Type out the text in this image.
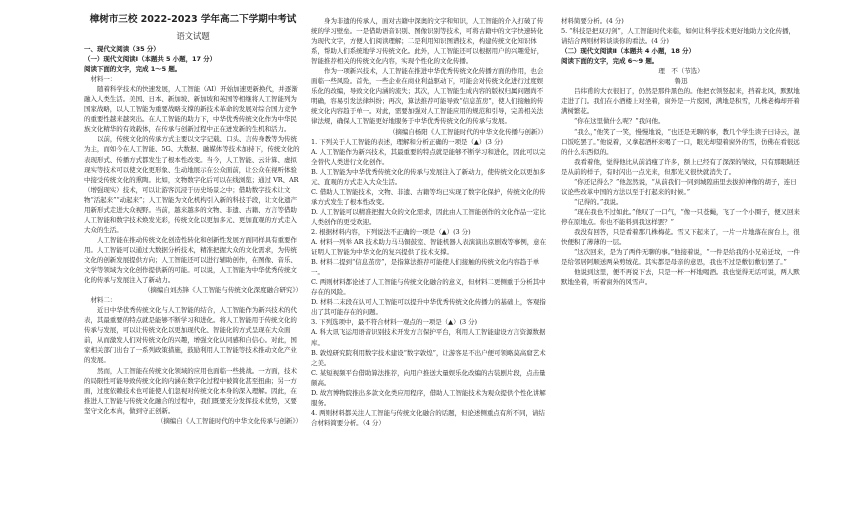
樟树市三校 2022-2023 学年高二下学期中考试
语文试题

一、现代文阅读（35 分）

（一）现代文阅读Ⅰ（本题共 5 小题，17 分）

阅读下面的文字，完成 1～5 题。

　材料一：

随着科学技术的快速发展，人工智能（AI）开始加速更新换代，并逐渐融入人类生活。美国、日本、新加坡、新加坡和英国等相继将人工智能列为国家战略，以人工智能为重要战略支撑的新技术革命的发展对综合国力竞争的重要性越来越突出。在人工智能的助力下，中华优秀传统文化作为中华民族文化精华的有效载体，在传承与创新过程中正在迸发新的生机和活力。

以前，传统文化的传承方式主要以文字记载、口头、言传身教等为传统为主，而如今在人工智能、5G、大数据、融媒体等技术加持下，传统文化的表现形式、传播方式都发生了根本性改变。当今，人工智能、云计算、虚拟现实等技术可以使文化更形象、生动地展示在公众面前，让公众在视听体验中接受传统文化的熏陶。比如，文物数字化后可以在线浏览；通过 VR、AR（增强现实）技术，可以让游客沉浸于历史场景之中；借助数字技术让文物“活起来”“动起来”；人工智能为文化机构引入新的科技手段，让文化遗产用新形式走进大众视野。当前，越来越多的文物、非遗、古籍、方言等借助人工智能和数字技术焕发光彩，传统文化以更加多元、更加直观的方式走入大众的生活。

人工智能在推动传统文化创造性转化和创新性发展方面同样具有重要作用。人工智能可以通过大数据分析技术，精准把握大众的文化需求，为传统文化的创新发展提供方向；人工智能还可以进行辅助创作，在图像、音乐、文学等领域为文化创作提供新的可能。可以说，人工智能为中华优秀传统文化的传承与发展注入了新动力。

（摘编自刘杰锋《人工智能与传统文化深度融合研究》）

　材料二：

近日中华优秀传统文化与人工智能的结合，人工智能作为新兴技术的代表，其最重要的特点就是能够不断学习和进化。将人工智能用于传统文化的传承与发展，可以让传统文化以更加现代化、智能化的方式呈现在大众面前，从而激发人们对传统文化的兴趣，增强文化认同感和自信心。对此，国家相关部门出台了一系列政策措施，鼓励利用人工智能等技术推动文化产业的发展。

然而，人工智能在传统文化领域的应用也面临一些挑战。一方面，技术的局限性可能导致传统文化的内涵在数字化过程中被简化甚至扭曲；另一方面，过度依赖技术也可能使人们忽视对传统文化本身的深入理解。因此，在推进人工智能与传统文化融合的过程中，我们既要充分发挥技术优势，又要坚守文化本真，做到守正创新。

（摘编自《人工智能时代的中华文化传承与创新》）

身为非遗的传承人，面对古籍中深奥的文字和知识，人工智能的介入打破了传统的学习壁垒。一是借助语音识别、图像识别等技术，可将古籍中的文字快速转化为现代文字，方便人们阅读理解；二是利用知识图谱技术，构建传统文化知识体系，帮助人们系统地学习传统文化。此外，人工智能还可以根据用户的兴趣爱好，智能推荐相关的传统文化内容，实现个性化的文化传播。

作为一项新兴技术，人工智能在推进中华优秀传统文化传播方面的作用，也会面临一些风险。首先，一些企业在商业利益驱动下，可能会对传统文化进行过度娱乐化的改编，导致文化内涵的流失；其次，人工智能生成内容的版权归属问题尚不明确，容易引发法律纠纷；再次，算法推荐可能导致“信息茧房”，使人们接触的传统文化内容趋于单一。对此，需要加强对人工智能应用的规范和引导，完善相关法律法规，确保人工智能更好地服务于中华优秀传统文化的传承与发展。

（摘编自杨阳《人工智能时代的中华文化传播与创新》）

1. 下列关于人工智能的表述，理解和分析正确的一项是（▲）(3 分)

A. 人工智能作为新兴技术，其最重要的特点就是能够不断学习和进化，因此可以完全替代人类进行文化创作。

B. 人工智能为中华优秀传统文化的传承与发展注入了新动力，使传统文化以更加多元、直观的方式走入大众生活。

C. 借助人工智能技术，文物、非遗、古籍等均已实现了数字化保护，传统文化的传承方式发生了根本性改变。

D. 人工智能可以精准把握大众的文化需求，因此由人工智能创作的文化作品一定比人类创作的更受欢迎。

2. 根据材料内容，下列说法不正确的一项是（▲）(3 分)

A. 材料一列举 AR 技术助力马马铜鼓室、智能机器人表演演出京剧戏等事例，意在证明人工智能为中华文化的复兴提供了技术支撑。

B. 材料二提到“信息茧房”，是指算法推荐可能使人们接触的传统文化内容趋于单一。

C. 两则材料都论述了人工智能与传统文化融合的意义，但材料二更侧重于分析其中存在的风险。

D. 材料二末段在认可人工智能可以提升中华优秀传统文化传播力的基础上，客观指出了其可能存在的问题。

3. 下列选项中，最不符合材料一观点的一项是（▲）(3 分)

A. 科大讯飞运用语音识别技术开发方言保护平台，利用人工智能建设方言资源数据库。

B. 敦煌研究院利用数字技术建设“数字敦煌”，让游客足不出户便可领略莫高窟艺术之美。

C. 某短视频平台借助算法推荐，向用户推送大量娱乐化改编的古装剧片段，点击量颇高。

D. 故宫博物院推出多款文化类应用程序，借助人工智能技术为观众提供个性化讲解服务。

4. 两则材料都关注人工智能与传统文化融合的话题，但论述侧重点有所不同，请结合材料简要分析。（4 分）

材料简要分析。(4 分)

5. “科技是把双刃剑”，人工智能时代来临，如何让科学技术更好地助力文化传播，请结合两则材料谈谈你的看法。(4 分)

（二）现代文阅读Ⅱ（本题共 4 小题，18 分）

阅读下面的文字，完成 6～9 题。

理　不（节选）

鲁迅

吕纬甫的大衣很旧了，仍然是那件黑色的。他把衣领竖起来，挡着北风，默默地走进了门。我们在小酒楼上对坐着，窗外是一片废园，满地是积雪，几株老梅却开着满树繁花。

“你在这里做什么呢？”我问他。

“我么，”他笑了一笑，慢慢地说，“也还是无聊的事，教几个学生读子曰诗云，混口饭吃罢了。”他说着，又拿起酒杯来喝了一口，眼光却望着窗外的雪，仿佛在看很远的什么东西似的。

我看着他，觉得他比从前消瘦了许多，额上已经有了深深的皱纹，只有那眼睛还是从前的样子，有时闪出一点光来，但那光又很快就消失了。

“你还记得么？”他忽然说，“从前我们一同到城隍庙里去拔掉神像的胡子，连日议论些改革中国的方法以至于打起来的时候。”

“记得的。”我说。

“现在我也不过如此。”他叹了一口气，“像一只苍蝇，飞了一个小圈子，便又回来停在原地点。你也不能料到我这样罢？”

我没有回答，只是看着那几株梅花。雪又下起来了，一片一片地落在窗台上，很快便积了薄薄的一层。

“这次回来，是为了两件无聊的事。”他接着说，“一件是给我的小兄弟迁坟，一件是给邻居阿顺送两朵剪绒花。其实都是母亲的意思，我也不过是敷衍敷衍罢了。”

他说到这里，便不再说下去，只是一杯一杯地喝酒。我也觉得无话可说，两人默默地坐着，听着窗外的风雪声。
